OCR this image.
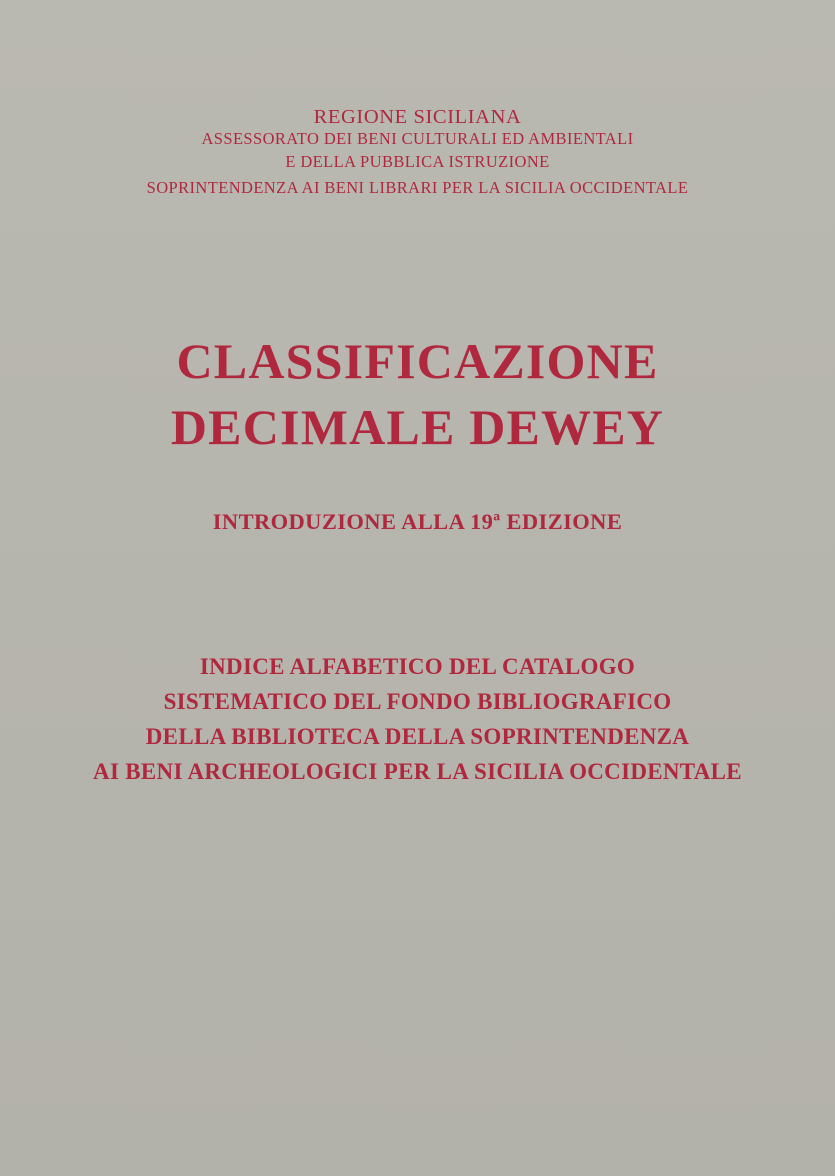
REGIONE SICILIANA
ASSESSORATO DEI BENI CULTURALI ED AMBIENTALI
E DELLA PUBBLICA ISTRUZIONE
SOPRINTENDENZA AI BENI LIBRARI PER LA SICILIA OCCIDENTALE
CLASSIFICAZIONE
DECIMALE DEWEY
INTRODUZIONE ALLA 19ª EDIZIONE
INDICE ALFABETICO DEL CATALOGO
SISTEMATICO DEL FONDO BIBLIOGRAFICO
DELLA BIBLIOTECA DELLA SOPRINTENDENZA
AI BENI ARCHEOLOGICI PER LA SICILIA OCCIDENTALE
